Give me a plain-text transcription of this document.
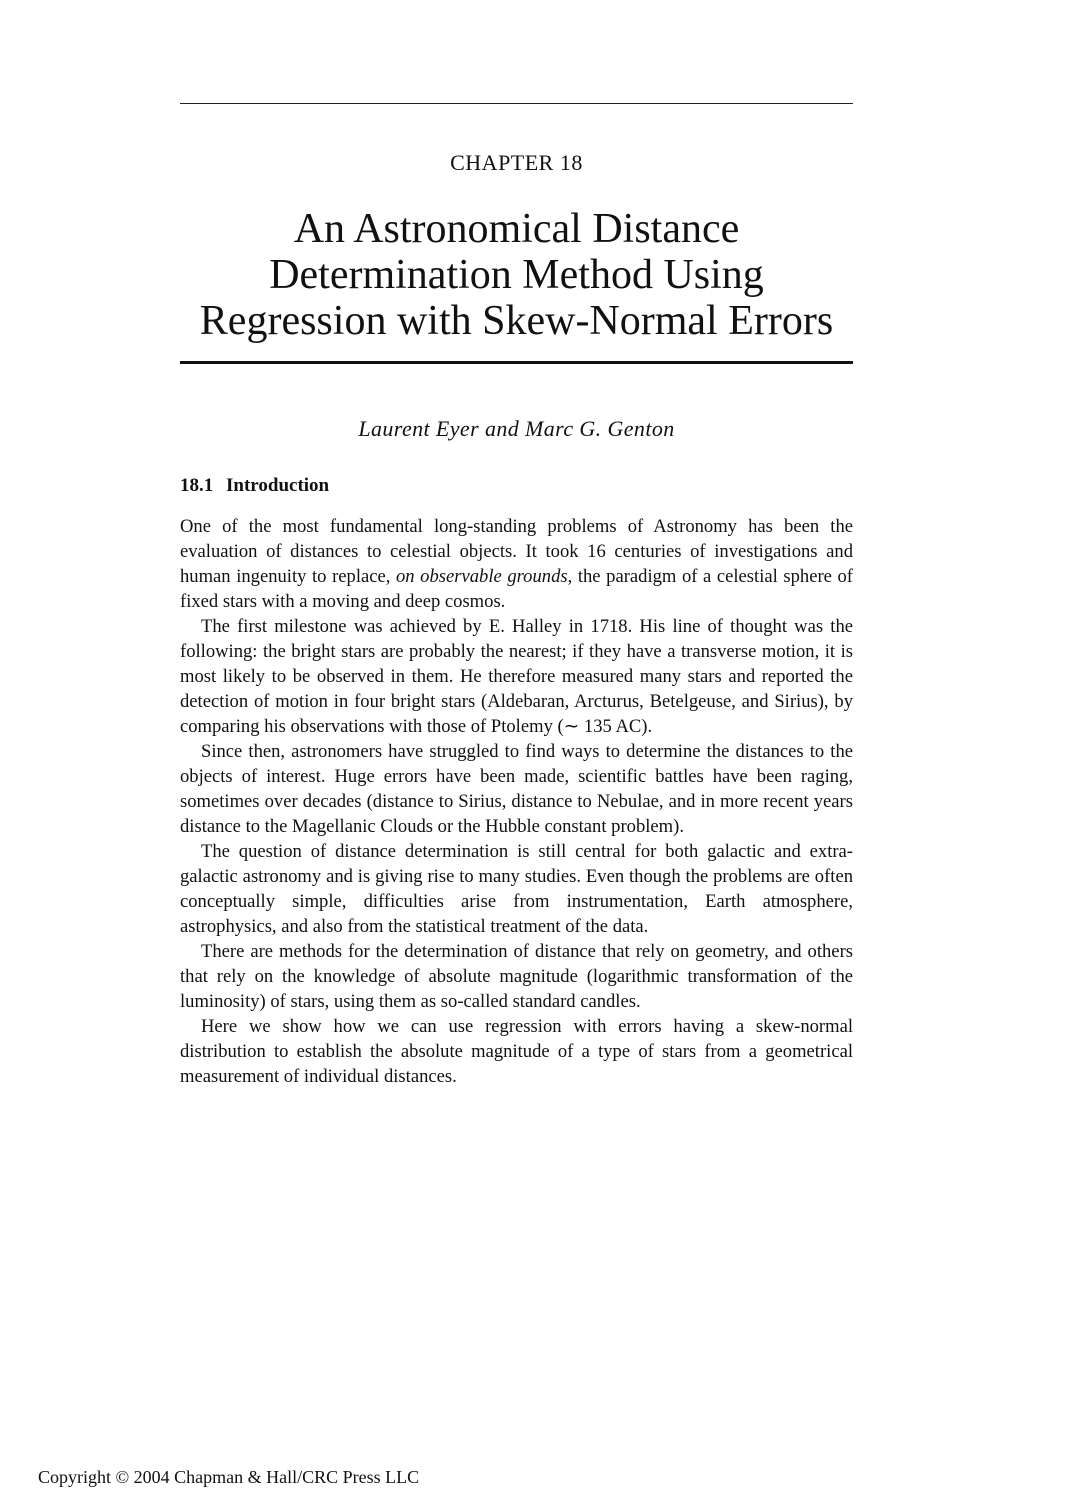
CHAPTER 18
An Astronomical Distance
Determination Method Using
Regression with Skew-Normal Errors
Laurent Eyer and Marc G. Genton
18.1 Introduction

One of the most fundamental long-standing problems of Astronomy has been the evaluation of distances to celestial objects. It took 16 centuries of investigations and human ingenuity to replace, on observable grounds, the paradigm of a celestial sphere of fixed stars with a moving and deep cosmos.

The first milestone was achieved by E. Halley in 1718. His line of thought was the following: the bright stars are probably the nearest; if they have a transverse motion, it is most likely to be observed in them. He therefore measured many stars and reported the detection of motion in four bright stars (Aldebaran, Arcturus, Betelgeuse, and Sirius), by comparing his observations with those of Ptolemy (∼ 135 AC).

Since then, astronomers have struggled to find ways to determine the distances to the objects of interest. Huge errors have been made, scientific battles have been raging, sometimes over decades (distance to Sirius, distance to Nebulae, and in more recent years distance to the Magellanic Clouds or the Hubble constant problem).

The question of distance determination is still central for both galactic and extra-galactic astronomy and is giving rise to many studies. Even though the problems are often conceptually simple, difficulties arise from instrumentation, Earth atmosphere, astrophysics, and also from the statistical treatment of the data.

There are methods for the determination of distance that rely on geometry, and others that rely on the knowledge of absolute magnitude (logarithmic transformation of the luminosity) of stars, using them as so-called standard candles.

Here we show how we can use regression with errors having a skew-normal distribution to establish the absolute magnitude of a type of stars from a geometrical measurement of individual distances.

Copyright © 2004 Chapman & Hall/CRC Press LLC
